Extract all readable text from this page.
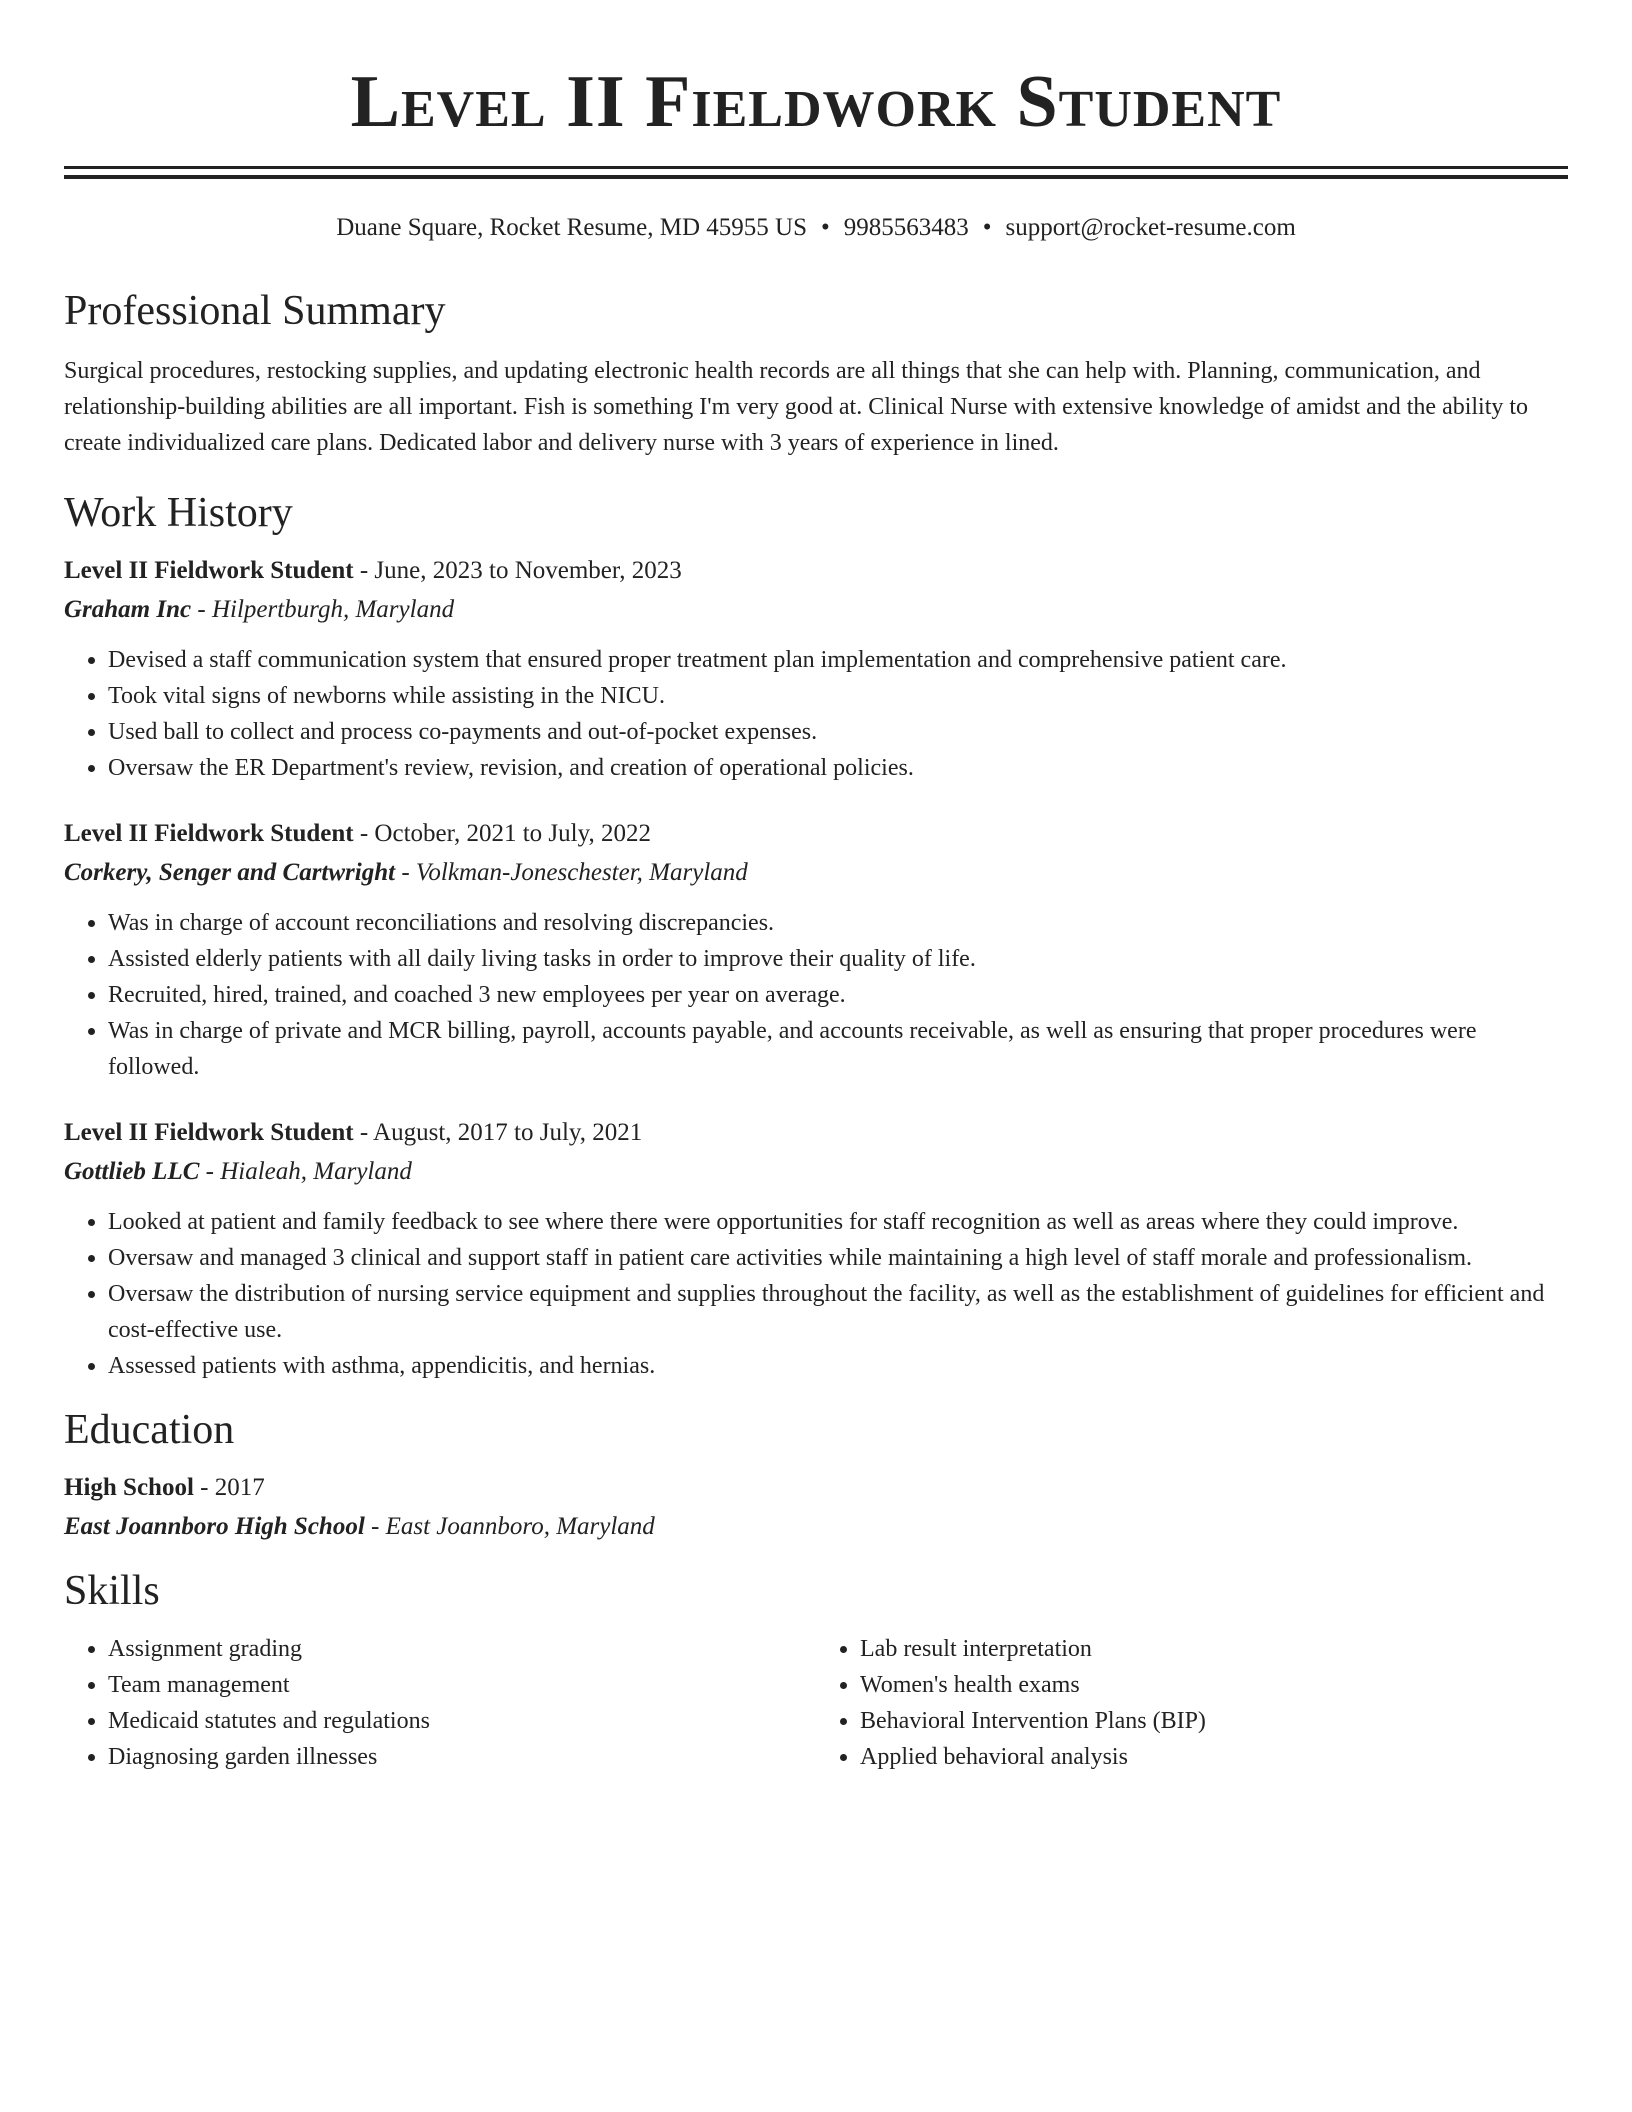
Level II Fieldwork Student
Duane Square, Rocket Resume, MD 45955 US • 9985563483 • support@rocket-resume.com
Professional Summary

Surgical procedures, restocking supplies, and updating electronic health records are all things that she can help with. Planning, communication, and relationship-building abilities are all important. Fish is something I'm very good at. Clinical Nurse with extensive knowledge of amidst and the ability to create individualized care plans. Dedicated labor and delivery nurse with 3 years of experience in lined.

Work History
Level II Fieldwork Student - June, 2023 to November, 2023
Graham Inc - Hilpertburgh, Maryland
• Devised a staff communication system that ensured proper treatment plan implementation and comprehensive patient care.
• Took vital signs of newborns while assisting in the NICU.
• Used ball to collect and process co-payments and out-of-pocket expenses.
• Oversaw the ER Department's review, revision, and creation of operational policies.
Level II Fieldwork Student - October, 2021 to July, 2022
Corkery, Senger and Cartwright - Volkman-Joneschester, Maryland
• Was in charge of account reconciliations and resolving discrepancies.
• Assisted elderly patients with all daily living tasks in order to improve their quality of life.
• Recruited, hired, trained, and coached 3 new employees per year on average.
• Was in charge of private and MCR billing, payroll, accounts payable, and accounts receivable, as well as ensuring that proper procedures were followed.
Level II Fieldwork Student - August, 2017 to July, 2021
Gottlieb LLC - Hialeah, Maryland
• Looked at patient and family feedback to see where there were opportunities for staff recognition as well as areas where they could improve.
• Oversaw and managed 3 clinical and support staff in patient care activities while maintaining a high level of staff morale and professionalism.
• Oversaw the distribution of nursing service equipment and supplies throughout the facility, as well as the establishment of guidelines for efficient and cost-effective use.
• Assessed patients with asthma, appendicitis, and hernias.
Education
High School - 2017
East Joannboro High School - East Joannboro, Maryland
Skills
• Assignment grading
• Team management
• Medicaid statutes and regulations
• Diagnosing garden illnesses
• Lab result interpretation
• Women's health exams
• Behavioral Intervention Plans (BIP)
• Applied behavioral analysis
